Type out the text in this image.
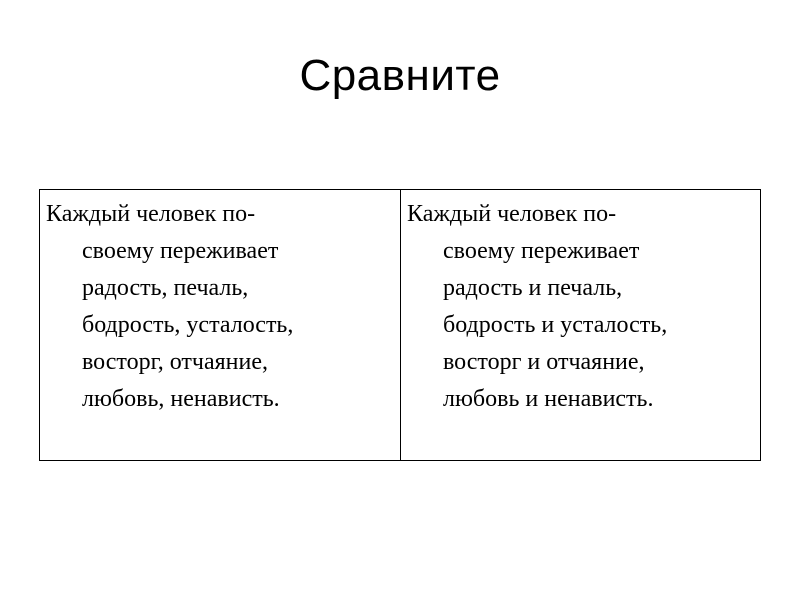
Сравните
Каждый человек по-
своему переживает
радость, печаль,
бодрость, усталость,
восторг, отчаяние,
любовь, ненависть.

Каждый человек по-
своему переживает
радость и печаль,
бодрость и усталость,
восторг и отчаяние,
любовь и ненависть.
